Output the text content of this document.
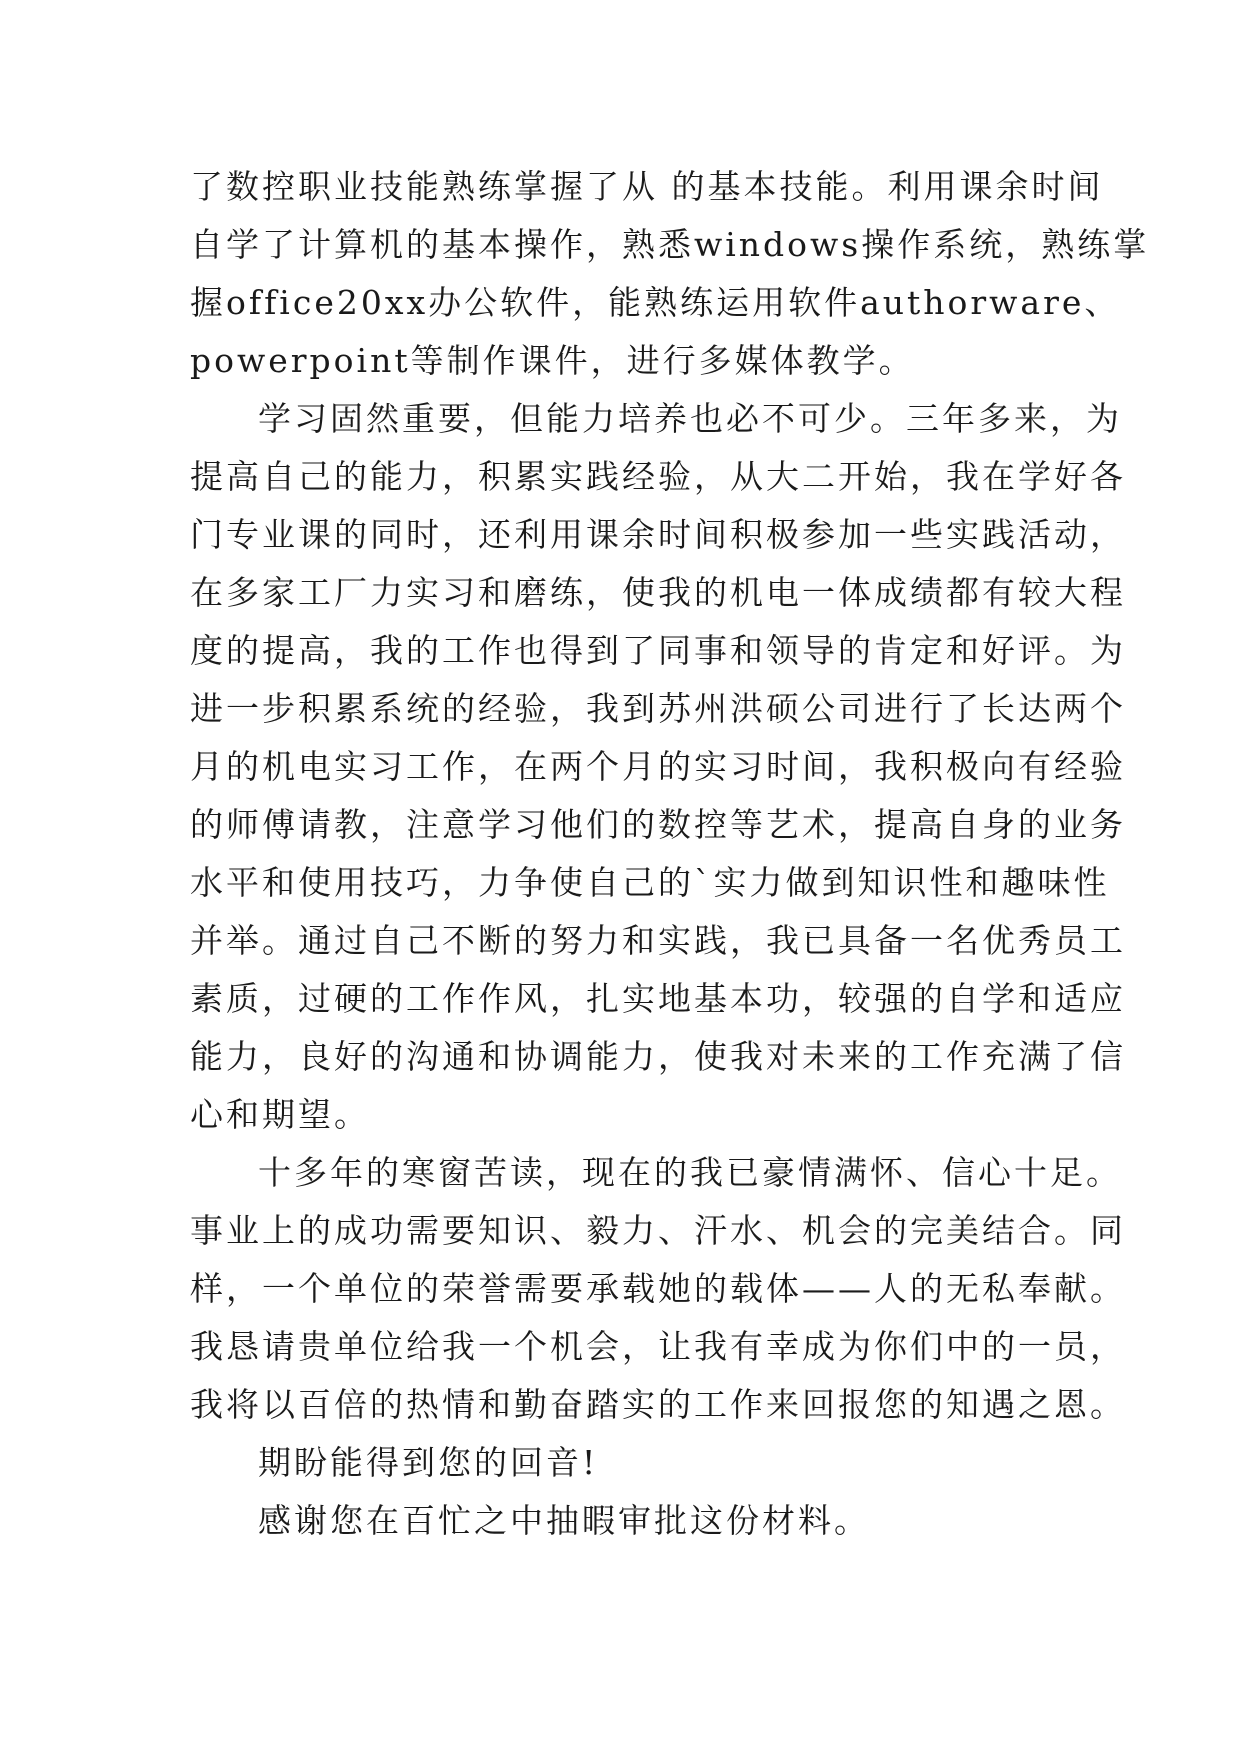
了数控职业技能熟练掌握了从 的基本技能。利用课余时间
自学了计算机的基本操作，熟悉windows操作系统，熟练掌
握office20xx办公软件，能熟练运用软件authorware、
powerpoint等制作课件，进行多媒体教学。
学习固然重要，但能力培养也必不可少。三年多来，为
提高自己的能力，积累实践经验，从大二开始，我在学好各
门专业课的同时，还利用课余时间积极参加一些实践活动，
在多家工厂力实习和磨练，使我的机电一体成绩都有较大程
度的提高，我的工作也得到了同事和领导的肯定和好评。为
进一步积累系统的经验，我到苏州洪硕公司进行了长达两个
月的机电实习工作，在两个月的实习时间，我积极向有经验
的师傅请教，注意学习他们的数控等艺术，提高自身的业务
水平和使用技巧，力争使自己的`实力做到知识性和趣味性
并举。通过自己不断的努力和实践，我已具备一名优秀员工
素质，过硬的工作作风，扎实地基本功，较强的自学和适应
能力，良好的沟通和协调能力，使我对未来的工作充满了信
心和期望。
十多年的寒窗苦读，现在的我已豪情满怀、信心十足。
事业上的成功需要知识、毅力、汗水、机会的完美结合。同
样，一个单位的荣誉需要承载她的载体——人的无私奉献。
我恳请贵单位给我一个机会，让我有幸成为你们中的一员，
我将以百倍的热情和勤奋踏实的工作来回报您的知遇之恩。
期盼能得到您的回音!
感谢您在百忙之中抽暇审批这份材料。
